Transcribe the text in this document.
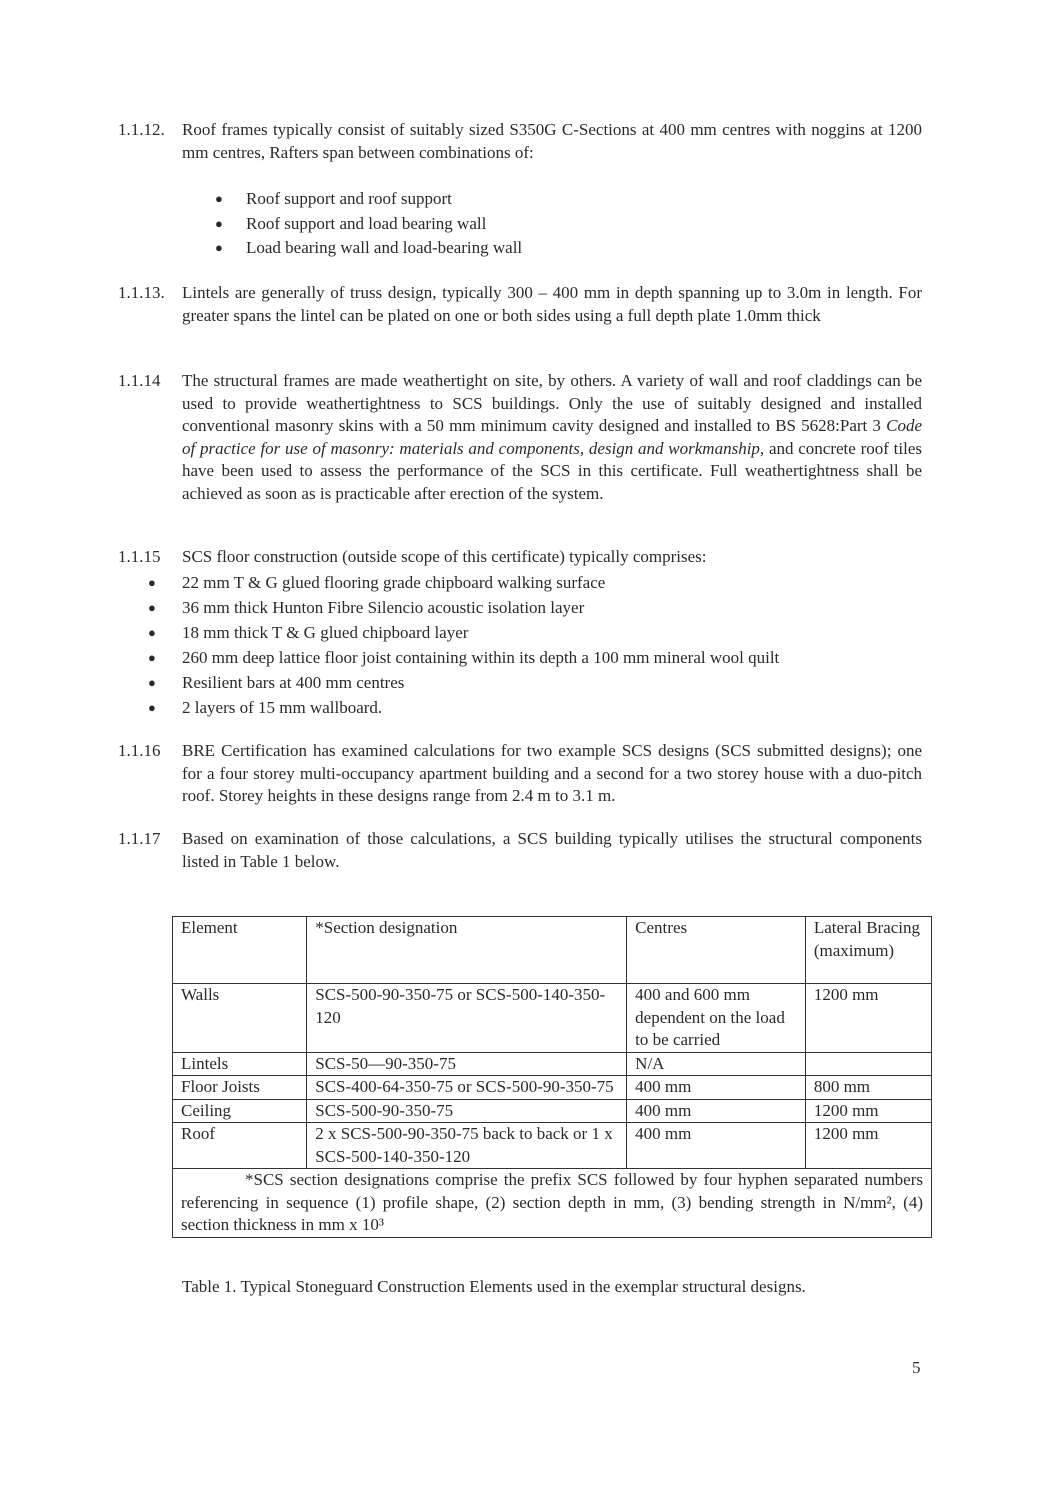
1.1.12. Roof frames typically consist of suitably sized S350G C-Sections at 400 mm centres with noggins at 1200 mm centres, Rafters span between combinations of:

● Roof support and roof support
● Roof support and load bearing wall
● Load bearing wall and load-bearing wall
1.1.13. Lintels are generally of truss design, typically 300 – 400 mm in depth spanning up to 3.0m in length. For greater spans the lintel can be plated on one or both sides using a full depth plate 1.0mm thick

1.1.14 The structural frames are made weathertight on site, by others. A variety of wall and roof claddings can be used to provide weathertightness to SCS buildings. Only the use of suitably designed and installed conventional masonry skins with a 50 mm minimum cavity designed and installed to BS 5628:Part 3 Code of practice for use of masonry: materials and components, design and workmanship, and concrete roof tiles have been used to assess the performance of the SCS in this certificate. Full weathertightness shall be achieved as soon as is practicable after erection of the system.

1.1.15 SCS floor construction (outside scope of this certificate) typically comprises:

● 22 mm T & G glued flooring grade chipboard walking surface
● 36 mm thick Hunton Fibre Silencio acoustic isolation layer
● 18 mm thick T & G glued chipboard layer
● 260 mm deep lattice floor joist containing within its depth a 100 mm mineral wool quilt
● Resilient bars at 400 mm centres
● 2 layers of 15 mm wallboard.
1.1.16 BRE Certification has examined calculations for two example SCS designs (SCS submitted designs); one for a four storey multi-occupancy apartment building and a second for a two storey house with a duo-pitch roof. Storey heights in these designs range from 2.4 m to 3.1 m.

1.1.17 Based on examination of those calculations, a SCS building typically utilises the structural components listed in Table 1 below.

Element	*Section designation	Centres	Lateral Bracing (maximum)
Walls	SCS-500-90-350-75 or SCS-500-140-350-120	400 and 600 mm dependent on the load to be carried	1200 mm
Lintels	SCS-50—90-350-75	N/A	
Floor Joists	SCS-400-64-350-75 or SCS-500-90-350-75	400 mm	800 mm
Ceiling	SCS-500-90-350-75	400 mm	1200 mm
Roof	2 x SCS-500-90-350-75 back to back or 1 x SCS-500-140-350-120	400 mm	1200 mm
*SCS section designations comprise the prefix SCS followed by four hyphen separated numbers referencing in sequence (1) profile shape, (2) section depth in mm, (3) bending strength in N/mm², (4) section thickness in mm x 10³			
Table 1. Typical Stoneguard Construction Elements used in the exemplar structural designs.
5
